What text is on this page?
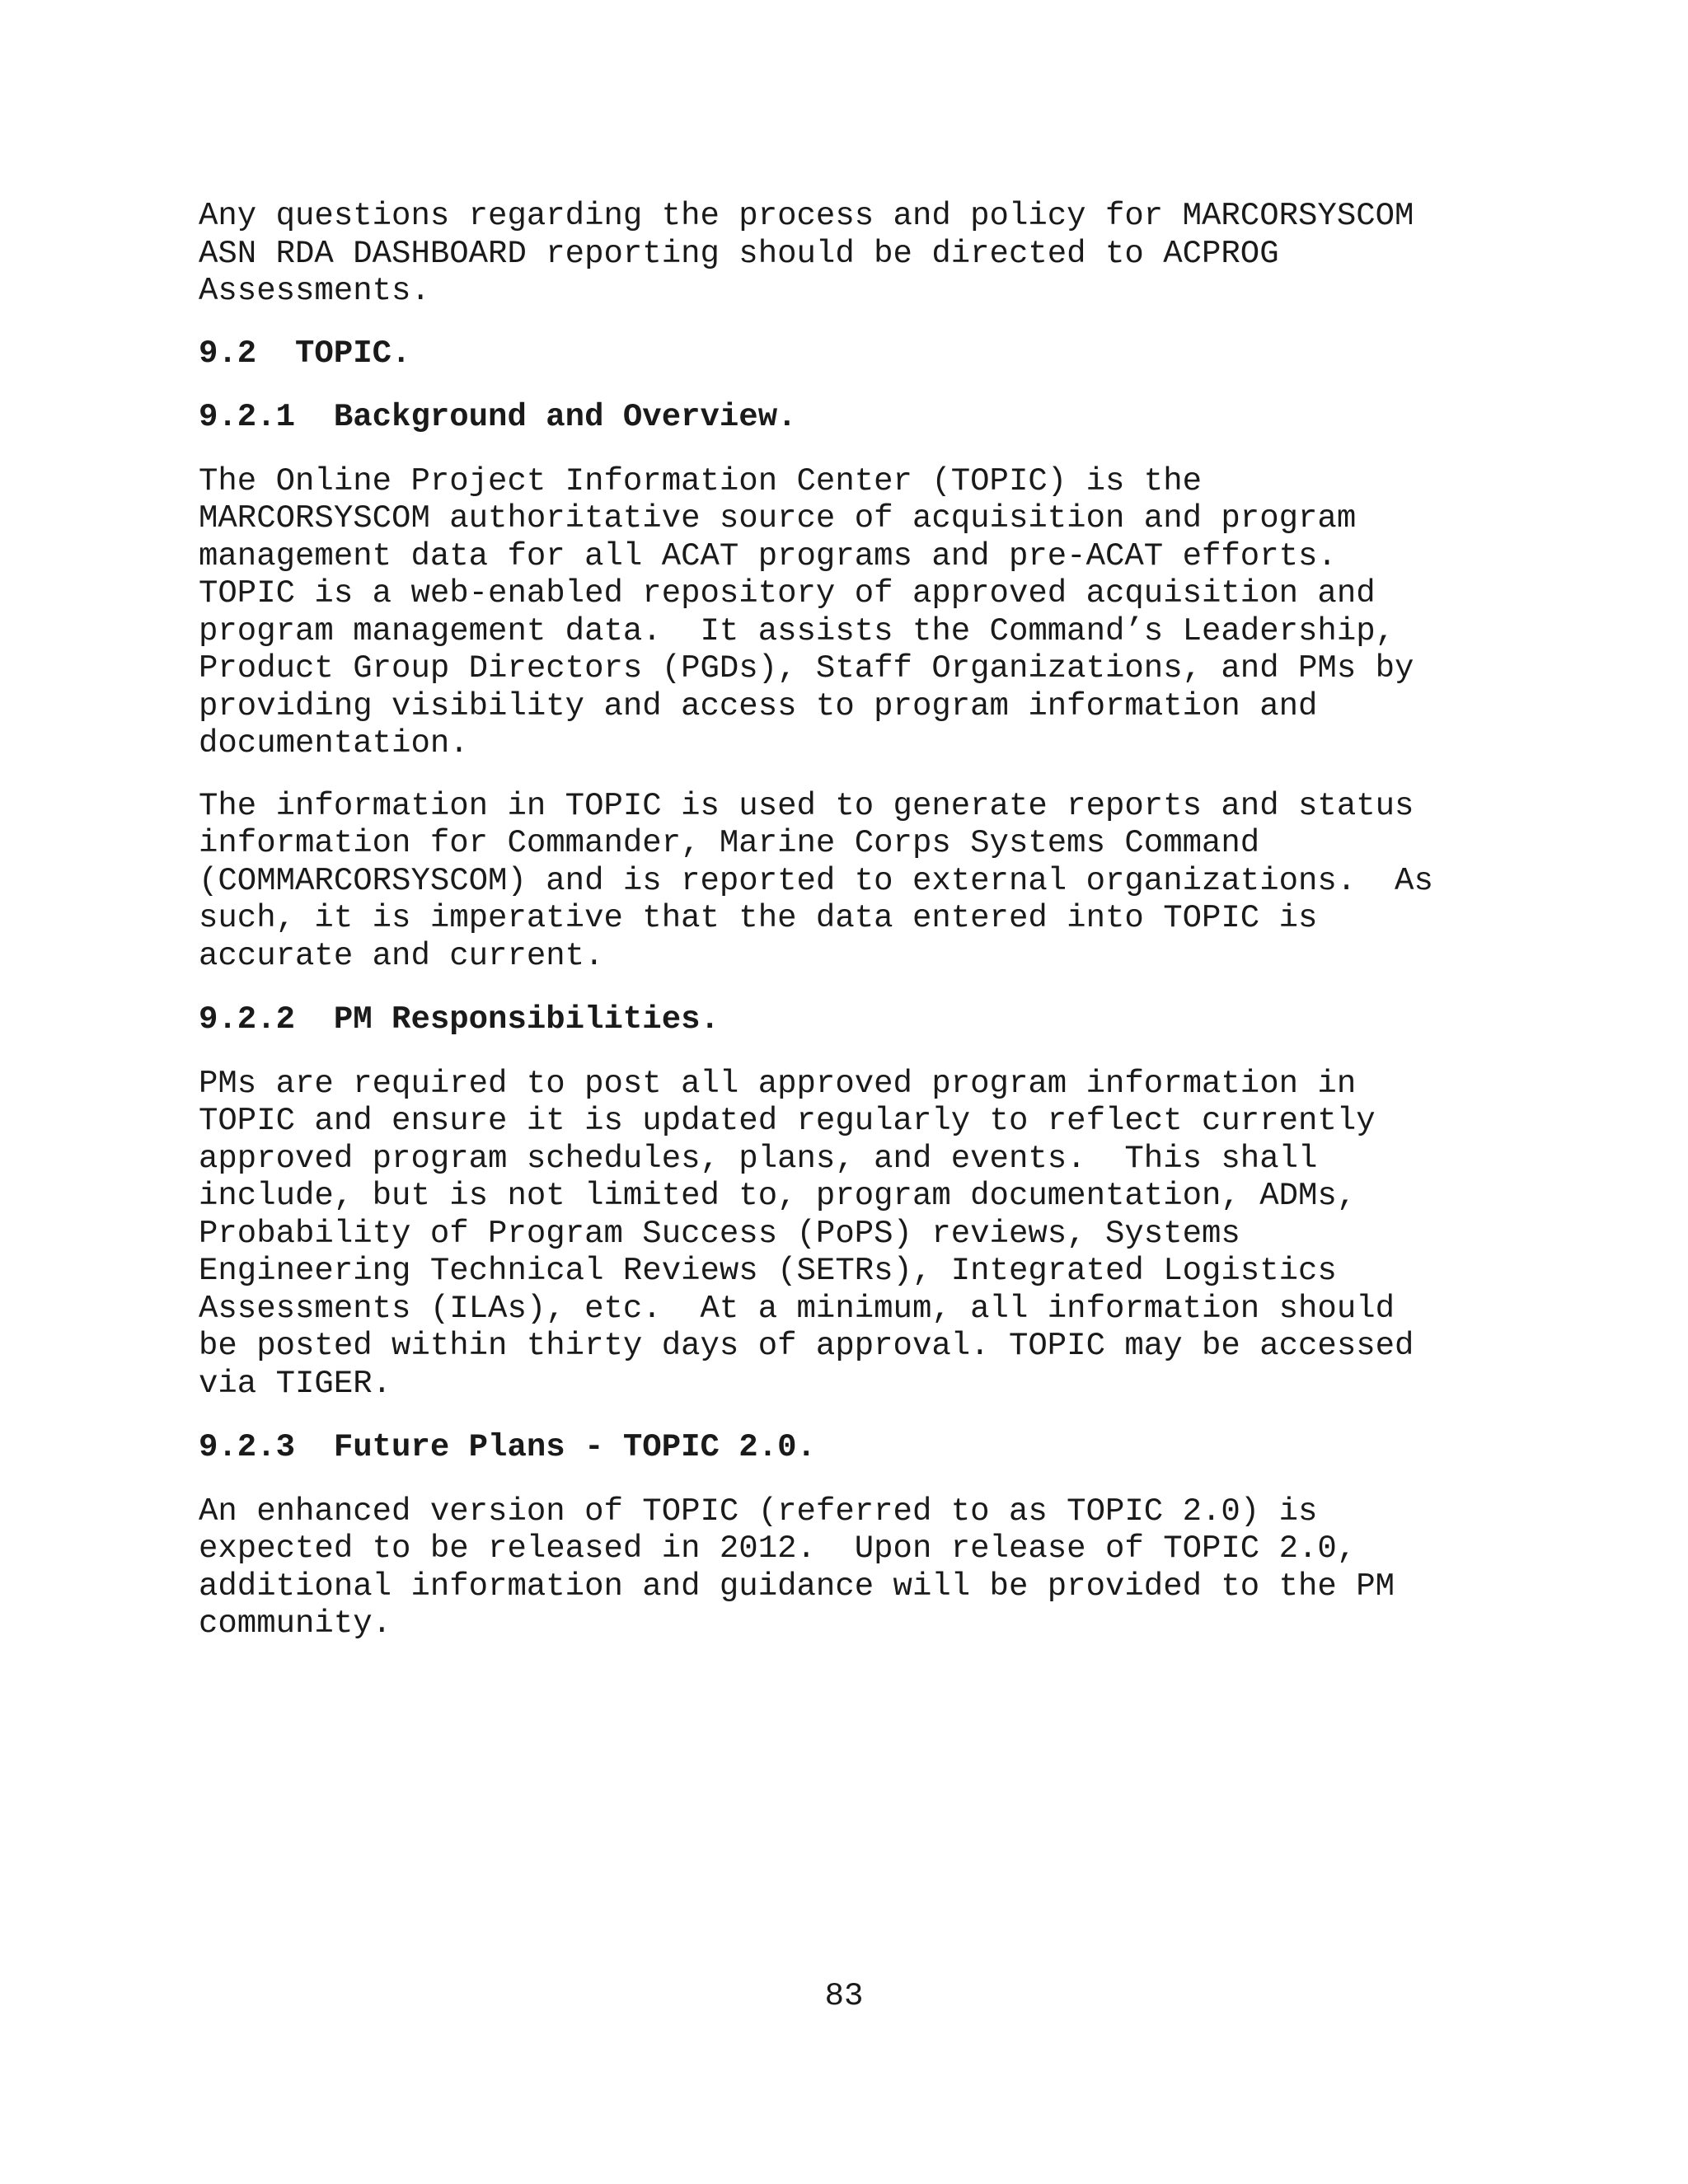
Any questions regarding the process and policy for MARCORSYSCOM
ASN RDA DASHBOARD reporting should be directed to ACPROG
Assessments.

9.2  TOPIC.
9.2.1  Background and Overview.

The Online Project Information Center (TOPIC) is the
MARCORSYSCOM authoritative source of acquisition and program
management data for all ACAT programs and pre-ACAT efforts.
TOPIC is a web-enabled repository of approved acquisition and
program management data.  It assists the Command’s Leadership,
Product Group Directors (PGDs), Staff Organizations, and PMs by
providing visibility and access to program information and
documentation.

The information in TOPIC is used to generate reports and status
information for Commander, Marine Corps Systems Command
(COMMARCORSYSCOM) and is reported to external organizations.  As
such, it is imperative that the data entered into TOPIC is
accurate and current.

9.2.2  PM Responsibilities.

PMs are required to post all approved program information in
TOPIC and ensure it is updated regularly to reflect currently
approved program schedules, plans, and events.  This shall
include, but is not limited to, program documentation, ADMs,
Probability of Program Success (PoPS) reviews, Systems
Engineering Technical Reviews (SETRs), Integrated Logistics
Assessments (ILAs), etc.  At a minimum, all information should
be posted within thirty days of approval. TOPIC may be accessed
via TIGER.

9.2.3  Future Plans - TOPIC 2.0.

An enhanced version of TOPIC (referred to as TOPIC 2.0) is
expected to be released in 2012.  Upon release of TOPIC 2.0,
additional information and guidance will be provided to the PM
community.

83
